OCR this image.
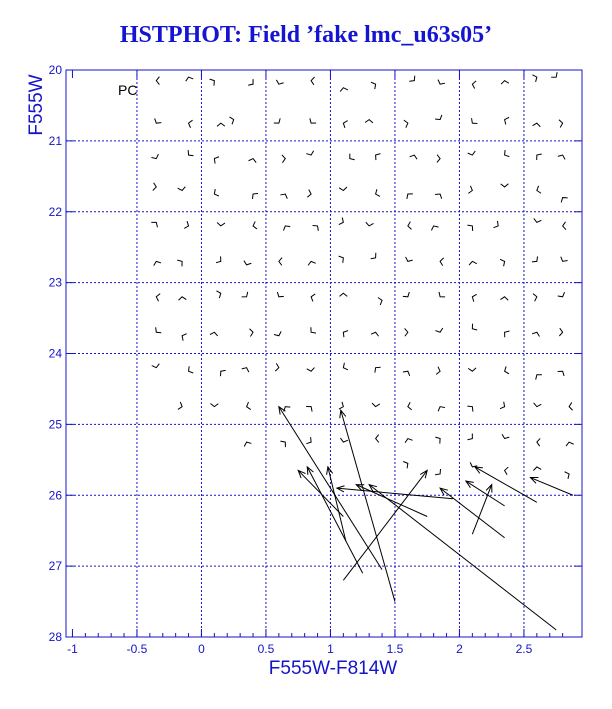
HSTPHOT: Field ’fake lmc_u63s05’
-1	-0.5	0	0.5	1	1.5	2	2.5
20
21
22
23
24
25
26
27
28
PC
F555W-F814W
F555W
